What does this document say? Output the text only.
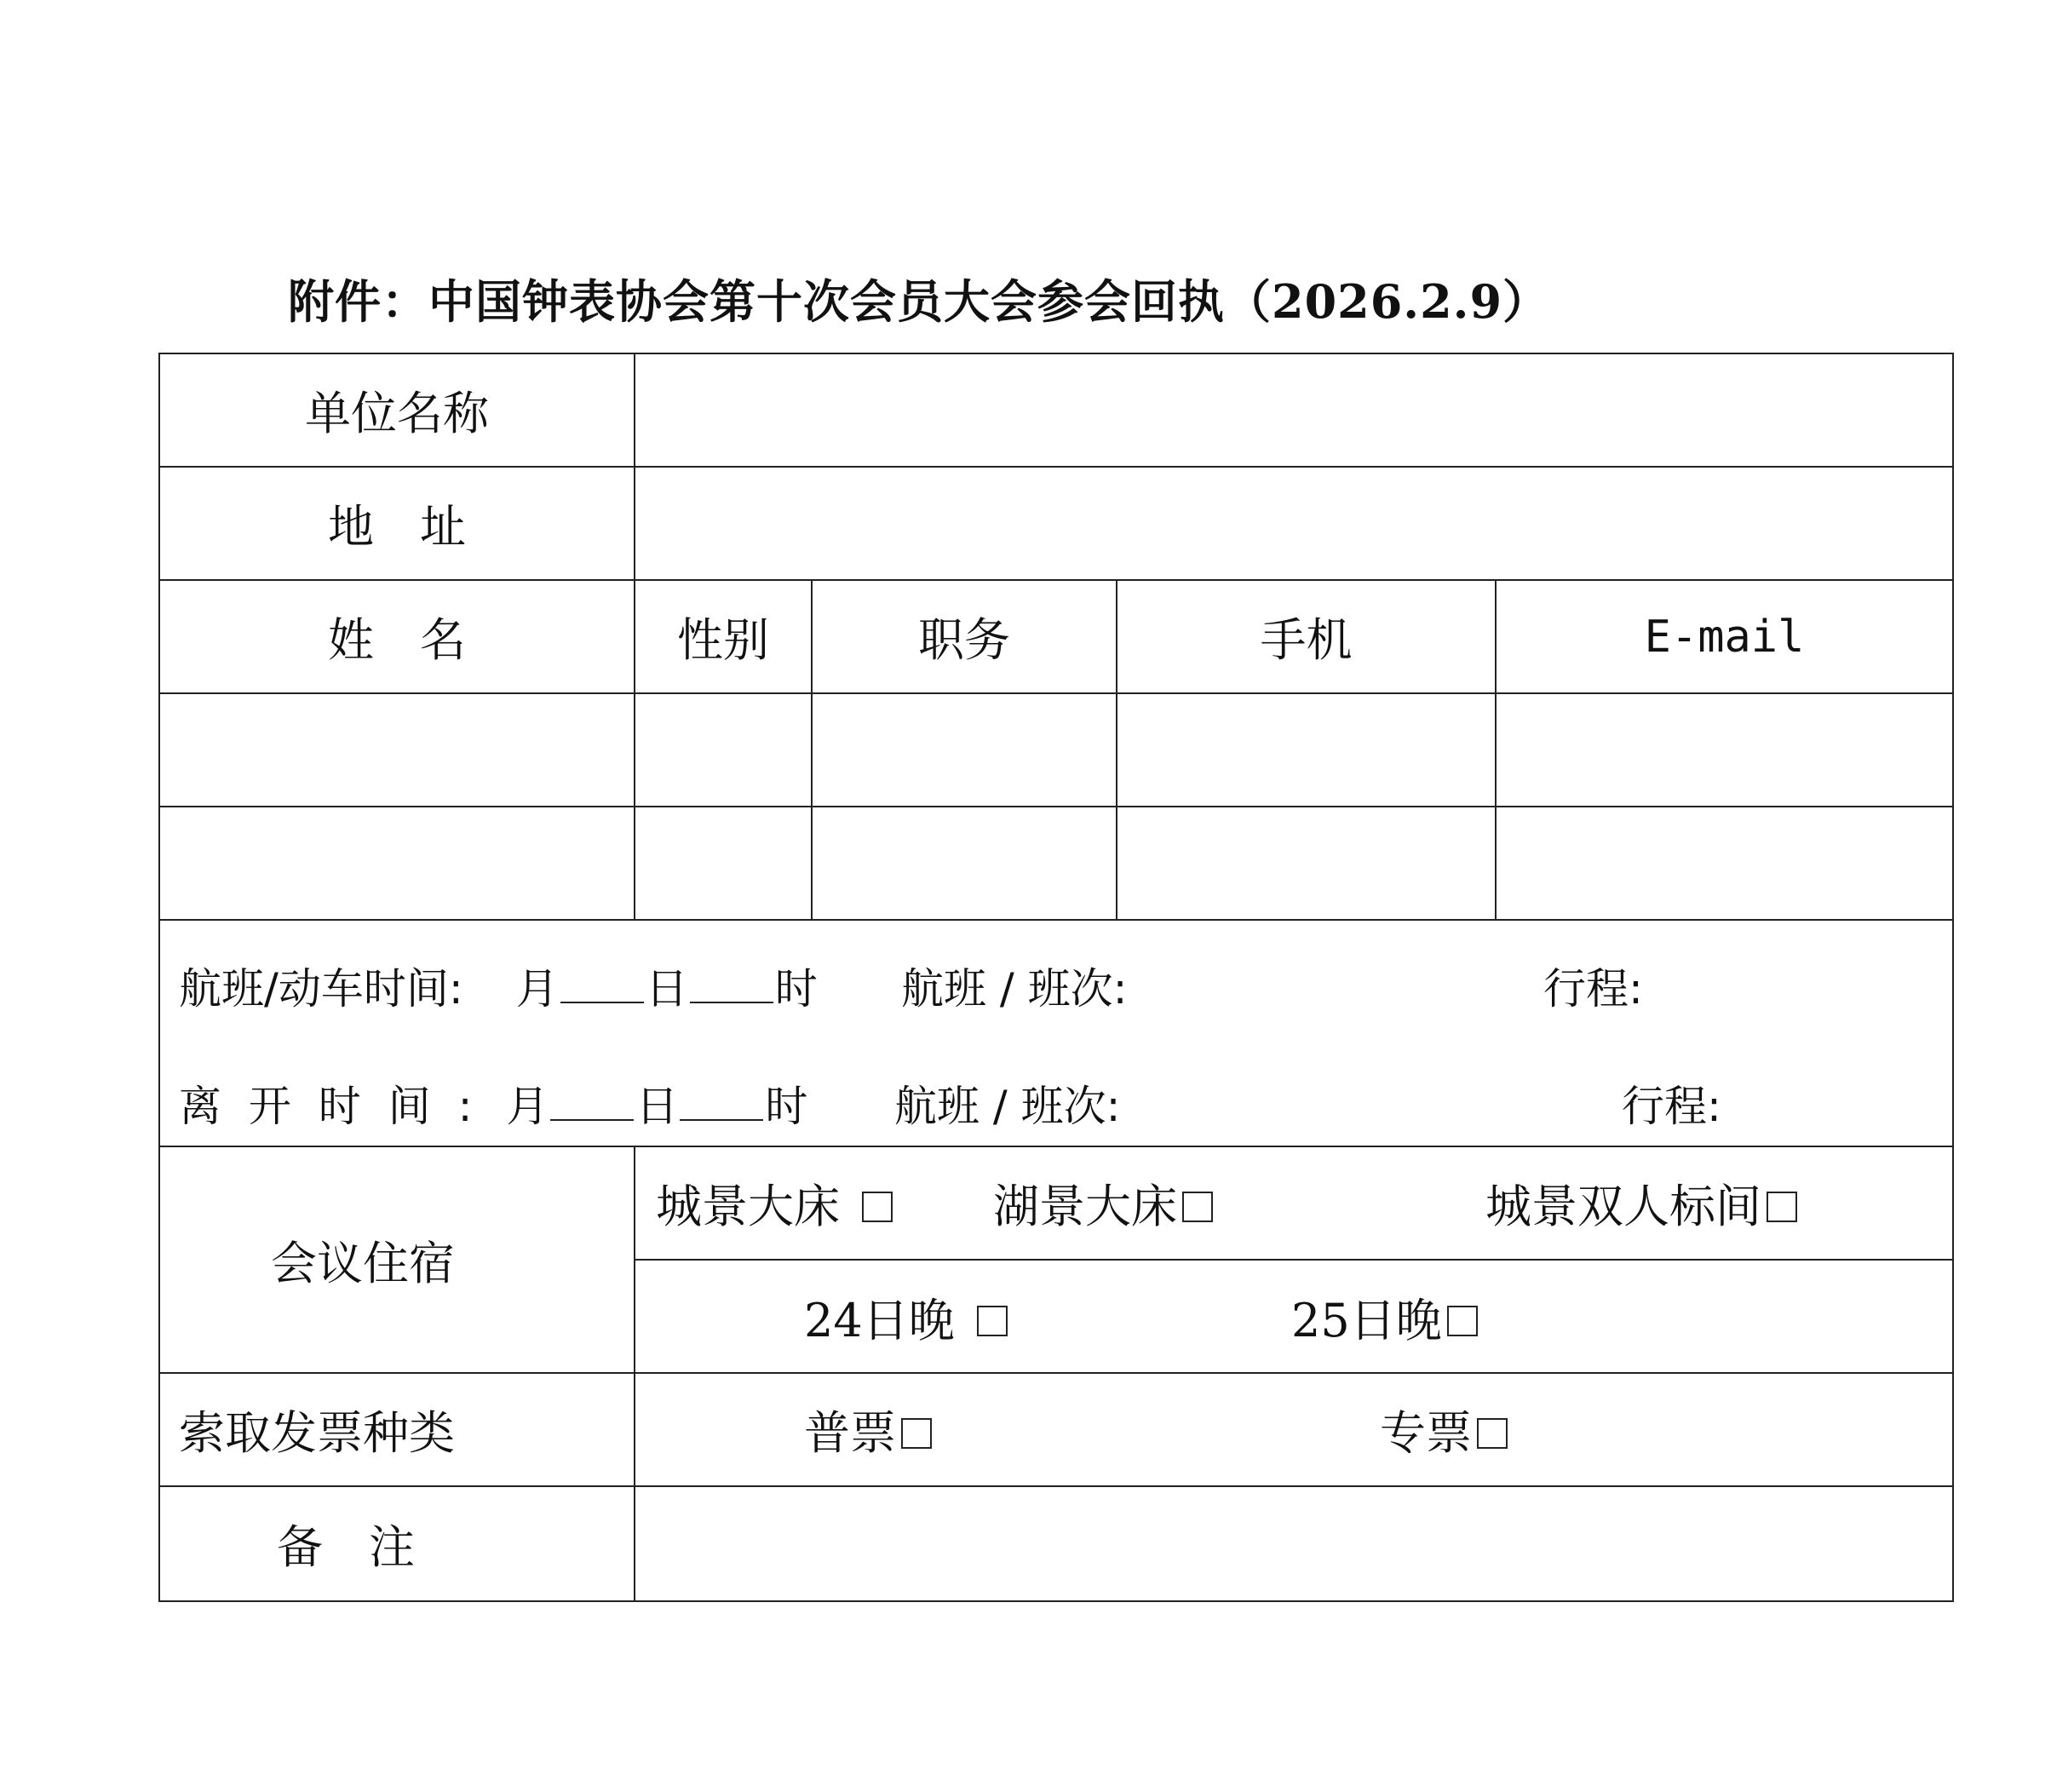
附件：中国钟表协会第十次会员大会参会回执（2026.2.9）
单位名称
地　址
姓　名	性别	职务	手机	E-mail
航班/动车时间: 月 日 时 航班 / 班次:	行程:
离 开 时 间 : 月 日 时 航班 / 班次:	行程:
会议住宿
城景大床	湖景大床	城景双人标间
24日晚	25日晚
索取发票种类	普票	专票
备　注
